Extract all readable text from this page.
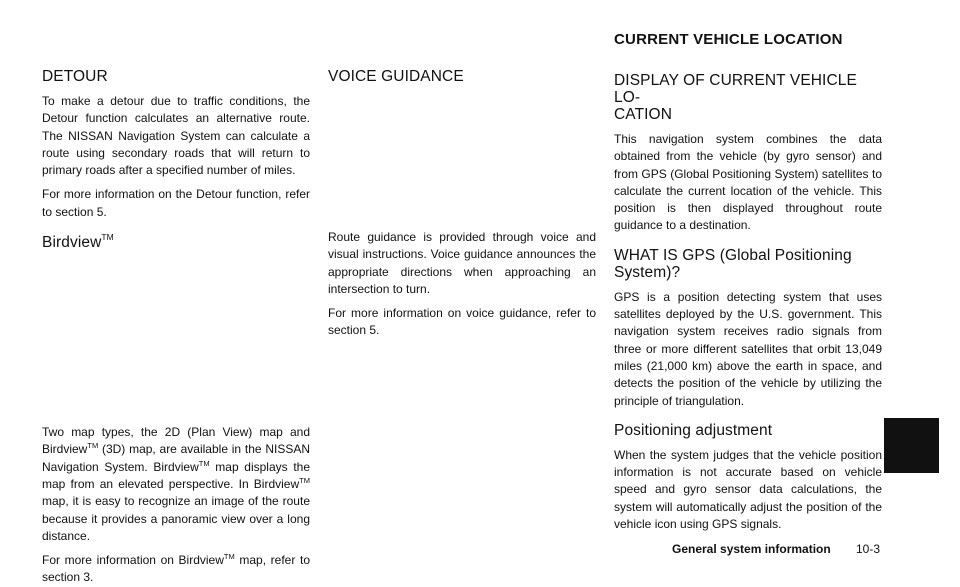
CURRENT VEHICLE LOCATION
DETOUR

To make a detour due to traffic conditions, the Detour function calculates an alternative route. The NISSAN Navigation System can calculate a route using secondary roads that will return to primary roads after a specified number of miles.

For more information on the Detour function, refer to section 5.

Birdview™

Two map types, the 2D (Plan View) map and Birdview™ (3D) map, are available in the NISSAN Navigation System. Birdview™ map displays the map from an elevated perspective. In Birdview™ map, it is easy to recognize an image of the route because it provides a panoramic view over a long distance.

For more information on Birdview™ map, refer to section 3.

VOICE GUIDANCE

Route guidance is provided through voice and visual instructions. Voice guidance announces the appropriate directions when approaching an intersection to turn.

For more information on voice guidance, refer to section 5.

DISPLAY OF CURRENT VEHICLE LO-
CATION

This navigation system combines the data obtained from the vehicle (by gyro sensor) and from GPS (Global Positioning System) satellites to calculate the current location of the vehicle. This position is then displayed throughout route guidance to a destination.

WHAT IS GPS (Global Positioning
System)?

GPS is a position detecting system that uses satellites deployed by the U.S. government. This navigation system receives radio signals from three or more different satellites that orbit 13,049 miles (21,000 km) above the earth in space, and detects the position of the vehicle by utilizing the principle of triangulation.

Positioning adjustment

When the system judges that the vehicle position information is not accurate based on vehicle speed and gyro sensor data calculations, the system will automatically adjust the position of the vehicle icon using GPS signals.

General system information 10-3
